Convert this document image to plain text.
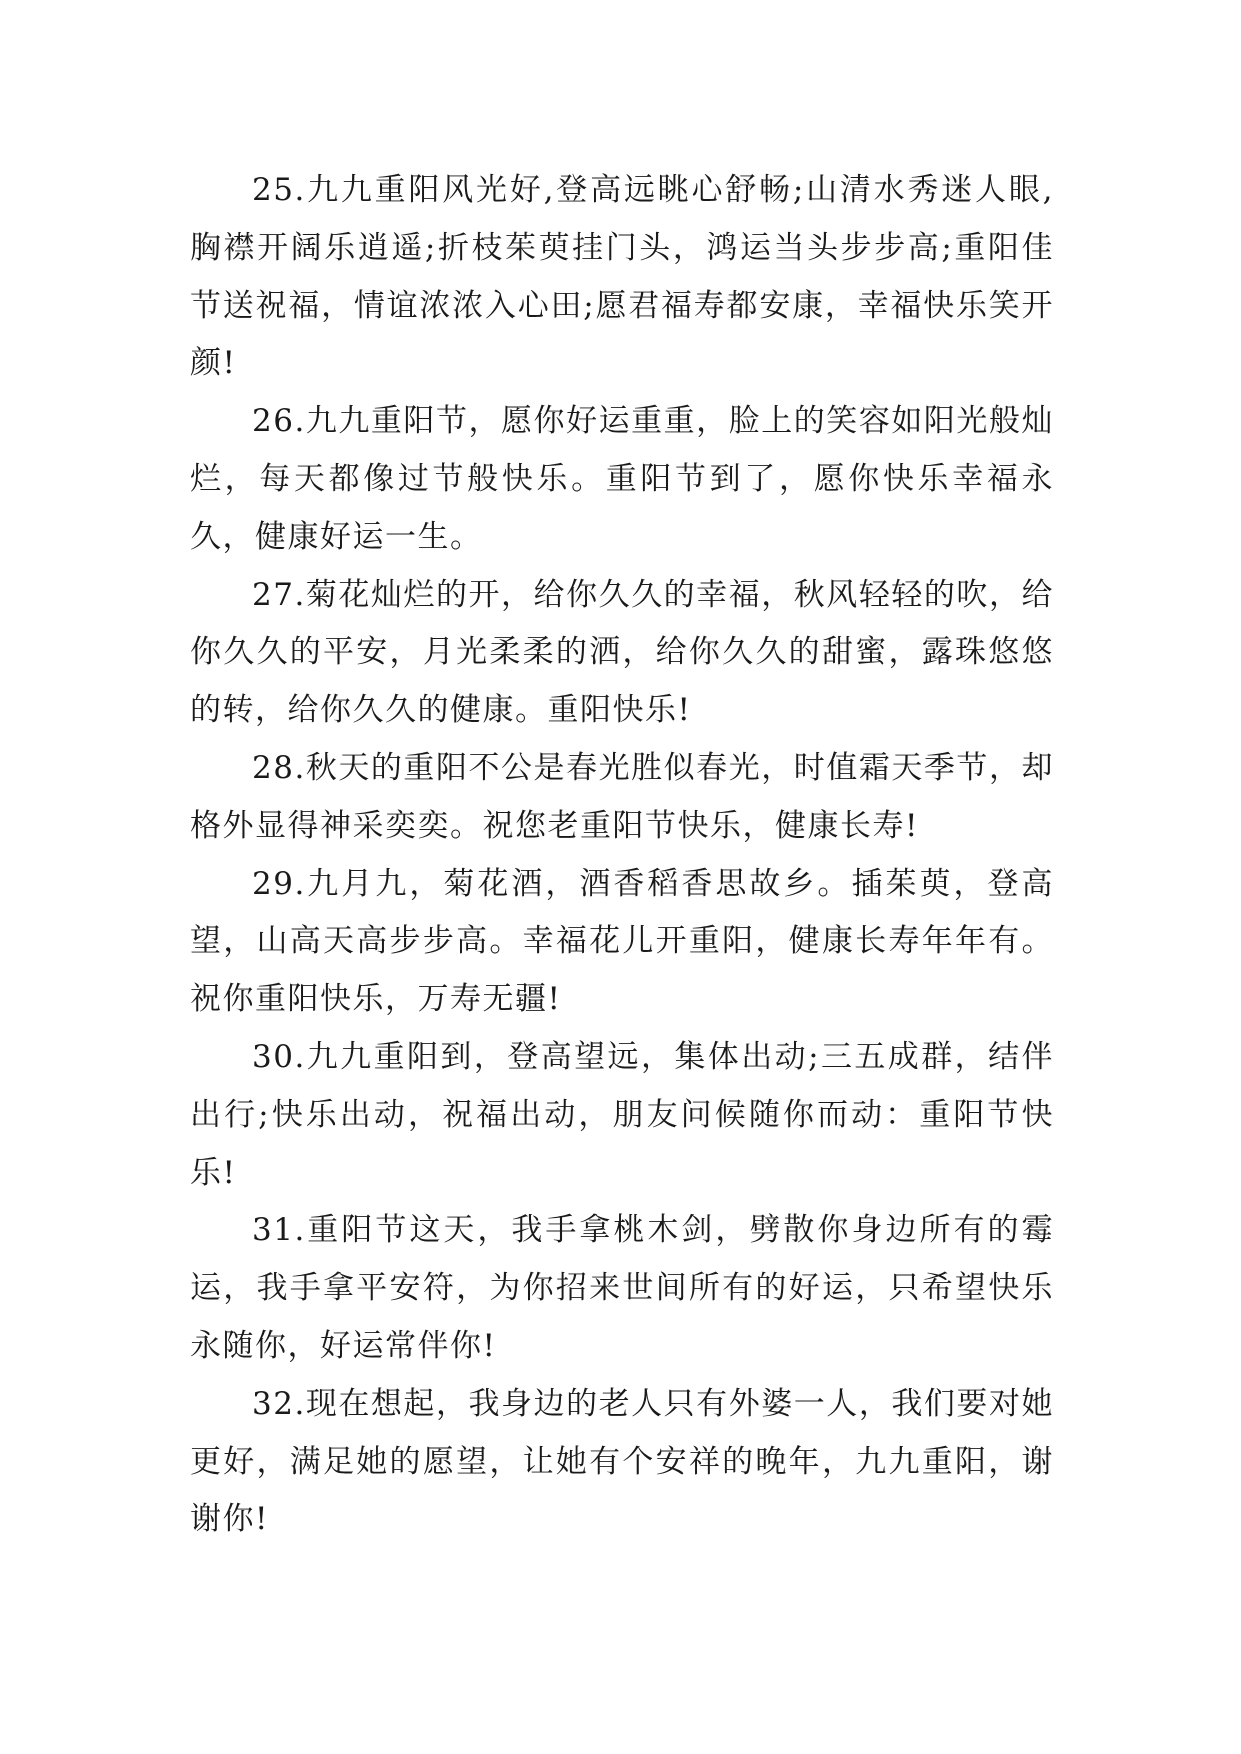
25.九九重阳风光好,登高远眺心舒畅;山清水秀迷人眼,胸襟开阔乐逍遥;折枝茱萸挂门头，鸿运当头步步高;重阳佳节送祝福，情谊浓浓入心田;愿君福寿都安康，幸福快乐笑开颜!

26.九九重阳节，愿你好运重重，脸上的笑容如阳光般灿烂，每天都像过节般快乐。重阳节到了，愿你快乐幸福永久，健康好运一生。

27.菊花灿烂的开，给你久久的幸福，秋风轻轻的吹，给你久久的平安，月光柔柔的洒，给你久久的甜蜜，露珠悠悠的转，给你久久的健康。重阳快乐!

28.秋天的重阳不公是春光胜似春光，时值霜天季节，却格外显得神采奕奕。祝您老重阳节快乐，健康长寿!

29.九月九，菊花酒，酒香稻香思故乡。插茱萸，登高望，山高天高步步高。幸福花儿开重阳，健康长寿年年有。祝你重阳快乐，万寿无疆!

30.九九重阳到，登高望远，集体出动;三五成群，结伴出行;快乐出动，祝福出动，朋友问候随你而动：重阳节快乐!

31.重阳节这天，我手拿桃木剑，劈散你身边所有的霉运，我手拿平安符，为你招来世间所有的好运，只希望快乐永随你，好运常伴你!

32.现在想起，我身边的老人只有外婆一人，我们要对她更好，满足她的愿望，让她有个安祥的晚年，九九重阳，谢谢你!
